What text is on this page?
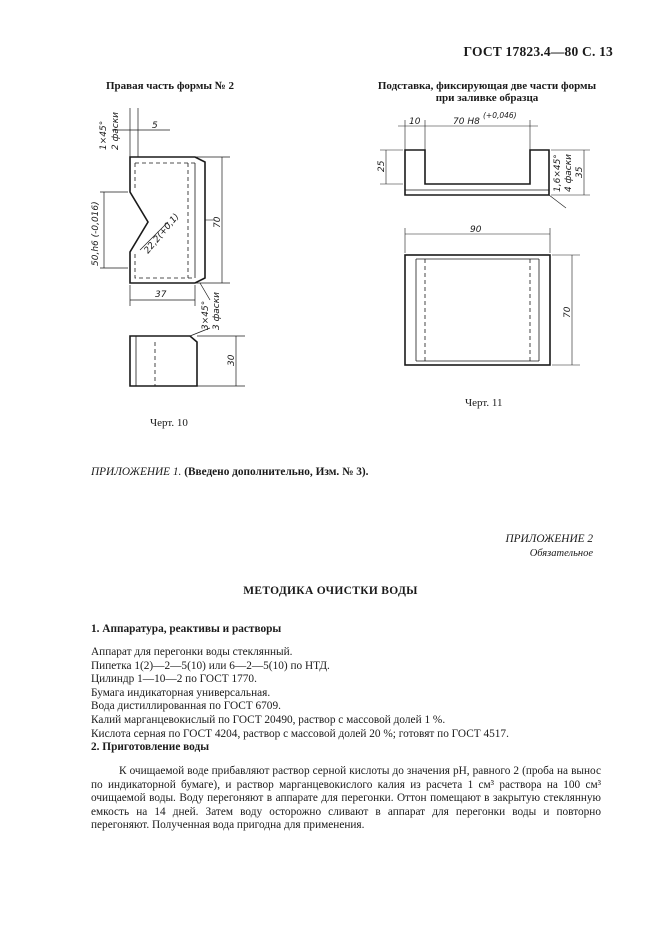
ГОСТ 17823.4—80 С. 13
Правая часть формы № 2	Подставка, фиксирующая две части формы
при заливке образца
1×45° 2 фаски	5
50,h6 (-0,016)	22,2(+0,1)	70
37
3×45° 3 фаски
30
10	70 H8
(+0,046)
25	1,6×45° 4 фаски 35
90
70
Черт. 10
Черт. 11
ПРИЛОЖЕНИЕ 1. (Введено дополнительно, Изм. № 3).
ПРИЛОЖЕНИЕ 2
Обязательное
МЕТОДИКА ОЧИСТКИ ВОДЫ
1. Аппаратура, реактивы и растворы
Аппарат для перегонки воды стеклянный.
Пипетка 1(2)—2—5(10) или 6—2—5(10) по НТД.
Цилиндр 1—10—2 по ГОСТ 1770.
Бумага индикаторная универсальная.
Вода дистиллированная по ГОСТ 6709.
Калий марганцевокислый по ГОСТ 20490, раствор с массовой долей 1 %.
Кислота серная по ГОСТ 4204, раствор с массовой долей 20 %; готовят по ГОСТ 4517.
2. Приготовление воды
К очищаемой воде прибавляют раствор серной кислоты до значения pH, равного 2 (проба на вынос по индикаторной бумаге), и раствор марганцевокислого калия из расчета 1 см³ раствора на 100 см³ очищаемой воды. Воду перегоняют в аппарате для перегонки. Оттон помещают в закрытую стеклянную емкость на 14 дней. Затем воду осторожно сливают в аппарат для перегонки воды и повторно перегоняют. Полученная вода пригодна для применения.
